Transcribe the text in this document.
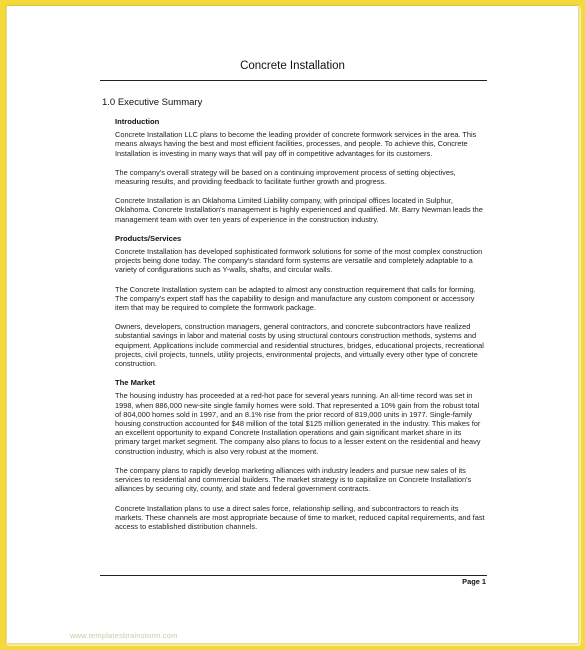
Concrete Installation
1.0 Executive Summary
Introduction

Concrete Installation LLC plans to become the leading provider of concrete formwork services in the area. This means always having the best and most efficient facilities, processes, and people. To achieve this, Concrete Installation is investing in many ways that will pay off in competitive advantages for its customers.

The company's overall strategy will be based on a continuing improvement process of setting objectives, measuring results, and providing feedback to facilitate further growth and progress.

Concrete Installation is an Oklahoma Limited Liability company, with principal offices located in Sulphur, Oklahoma. Concrete Installation's management is highly experienced and qualified. Mr. Barry Newman leads the management team with over ten years of experience in the construction industry.

Products/Services

Concrete Installation has developed sophisticated formwork solutions for some of the most complex construction projects being done today. The company's standard form systems are versatile and completely adaptable to a variety of configurations such as Y-walls, shafts, and circular walls.

The Concrete Installation system can be adapted to almost any construction requirement that calls for forming. The company's expert staff has the capability to design and manufacture any custom component or accessory item that may be required to complete the formwork package.

Owners, developers, construction managers, general contractors, and concrete subcontractors have realized substantial savings in labor and material costs by using structural contours construction methods, systems and equipment. Applications include commercial and residential structures, bridges, educational projects, recreational projects, civil projects, tunnels, utility projects, environmental projects, and virtually every other type of concrete construction.

The Market

The housing industry has proceeded at a red-hot pace for several years running. An all-time record was set in 1998, when 886,000 new-site single family homes were sold. That represented a 10% gain from the robust total of 804,000 homes sold in 1997, and an 8.1% rise from the prior record of 819,000 units in 1977. Single-family housing construction accounted for $48 million of the total $125 million generated in the industry. This makes for an excellent opportunity to expand Concrete Installation operations and gain significant market share in its primary target market segment. The company also plans to focus to a lesser extent on the residential and heavy construction industry, which is also very robust at the moment.

The company plans to rapidly develop marketing alliances with industry leaders and pursue new sales of its services to residential and commercial builders. The market strategy is to capitalize on Concrete Installation's alliances by securing city, county, and state and federal government contracts.

Concrete Installation plans to use a direct sales force, relationship selling, and subcontractors to reach its markets. These channels are most appropriate because of time to market, reduced capital requirements, and fast access to established distribution channels.

Page 1
www.templatesbrainstorm.com
